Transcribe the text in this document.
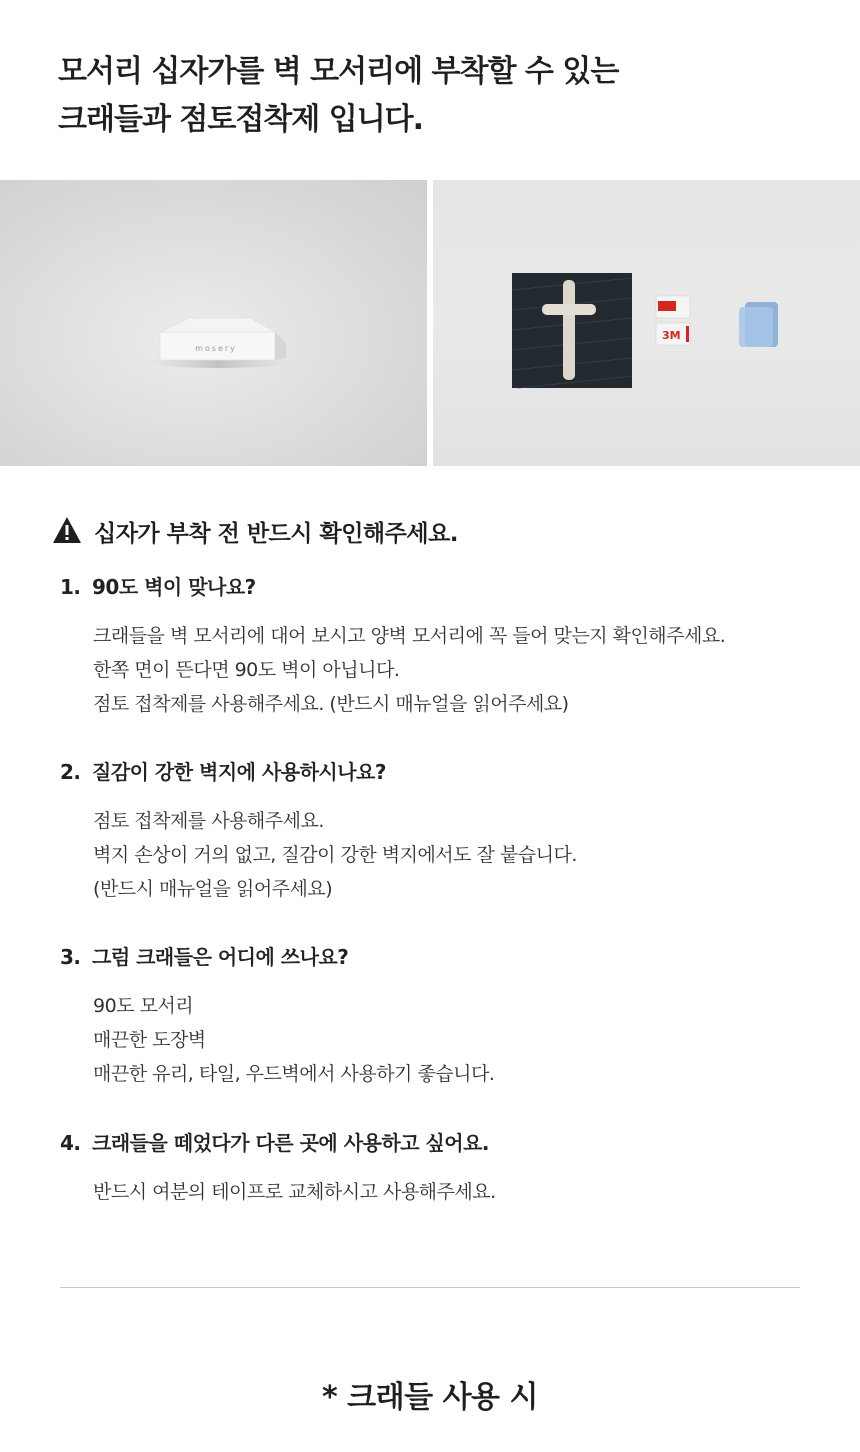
모서리 십자가를 벽 모서리에 부착할 수 있는
크래들과 점토접착제 입니다.
mosery
3M
십자가 부착 전 반드시 확인해주세요.
1. 90도 벽이 맞나요?
크래들을 벽 모서리에 대어 보시고 양벽 모서리에 꼭 들어 맞는지 확인해주세요.
한쪽 면이 뜬다면 90도 벽이 아닙니다.
점토 접착제를 사용해주세요. (반드시 매뉴얼을 읽어주세요)
2. 질감이 강한 벽지에 사용하시나요?
점토 접착제를 사용해주세요.
벽지 손상이 거의 없고, 질감이 강한 벽지에서도 잘 붙습니다.
(반드시 매뉴얼을 읽어주세요)
3. 그럼 크래들은 어디에 쓰나요?
90도 모서리
매끈한 도장벽
매끈한 유리, 타일, 우드벽에서 사용하기 좋습니다.
4. 크래들을 떼었다가 다른 곳에 사용하고 싶어요.
반드시 여분의 테이프로 교체하시고 사용해주세요.
* 크래들 사용 시
